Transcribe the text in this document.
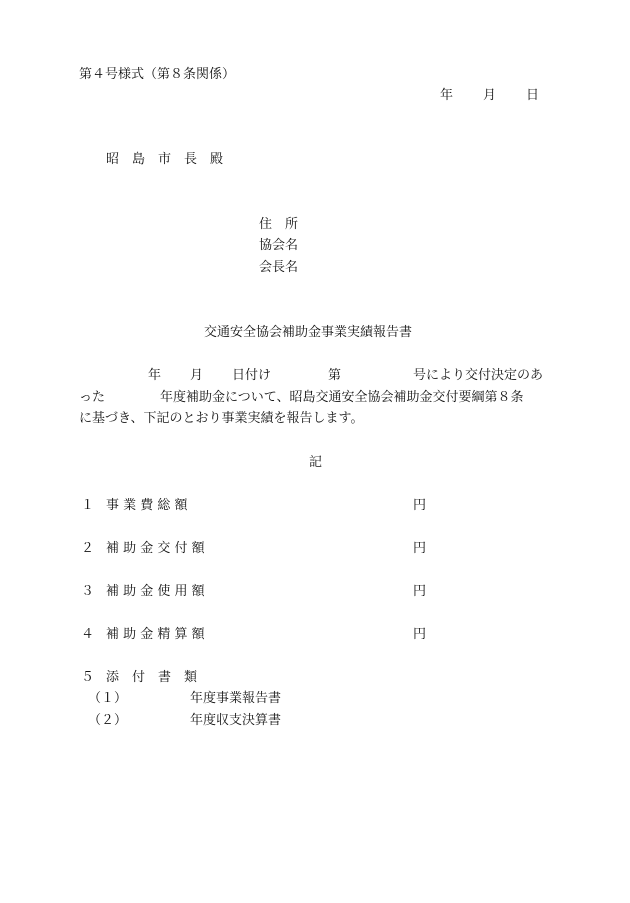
第４号様式（第８条関係）
年 月 日
昭　島　市　長　殿
住　所
協会名
会長名
交通安全協会補助金事業実績報告書
年 月 日付け	第	号により交付決定のあ
った	年度補助金について、昭島交通安全協会補助金交付要綱第８条
に基づき、下記のとおり事業実績を報告します。
記
１ 事 業 費 総 額	円
２ 補 助 金 交 付 額	円
３ 補 助 金 使 用 額	円
４ 補 助 金 精 算 額	円
５ 添　付　書　類
（１）	年度事業報告書
（２）	年度収支決算書
